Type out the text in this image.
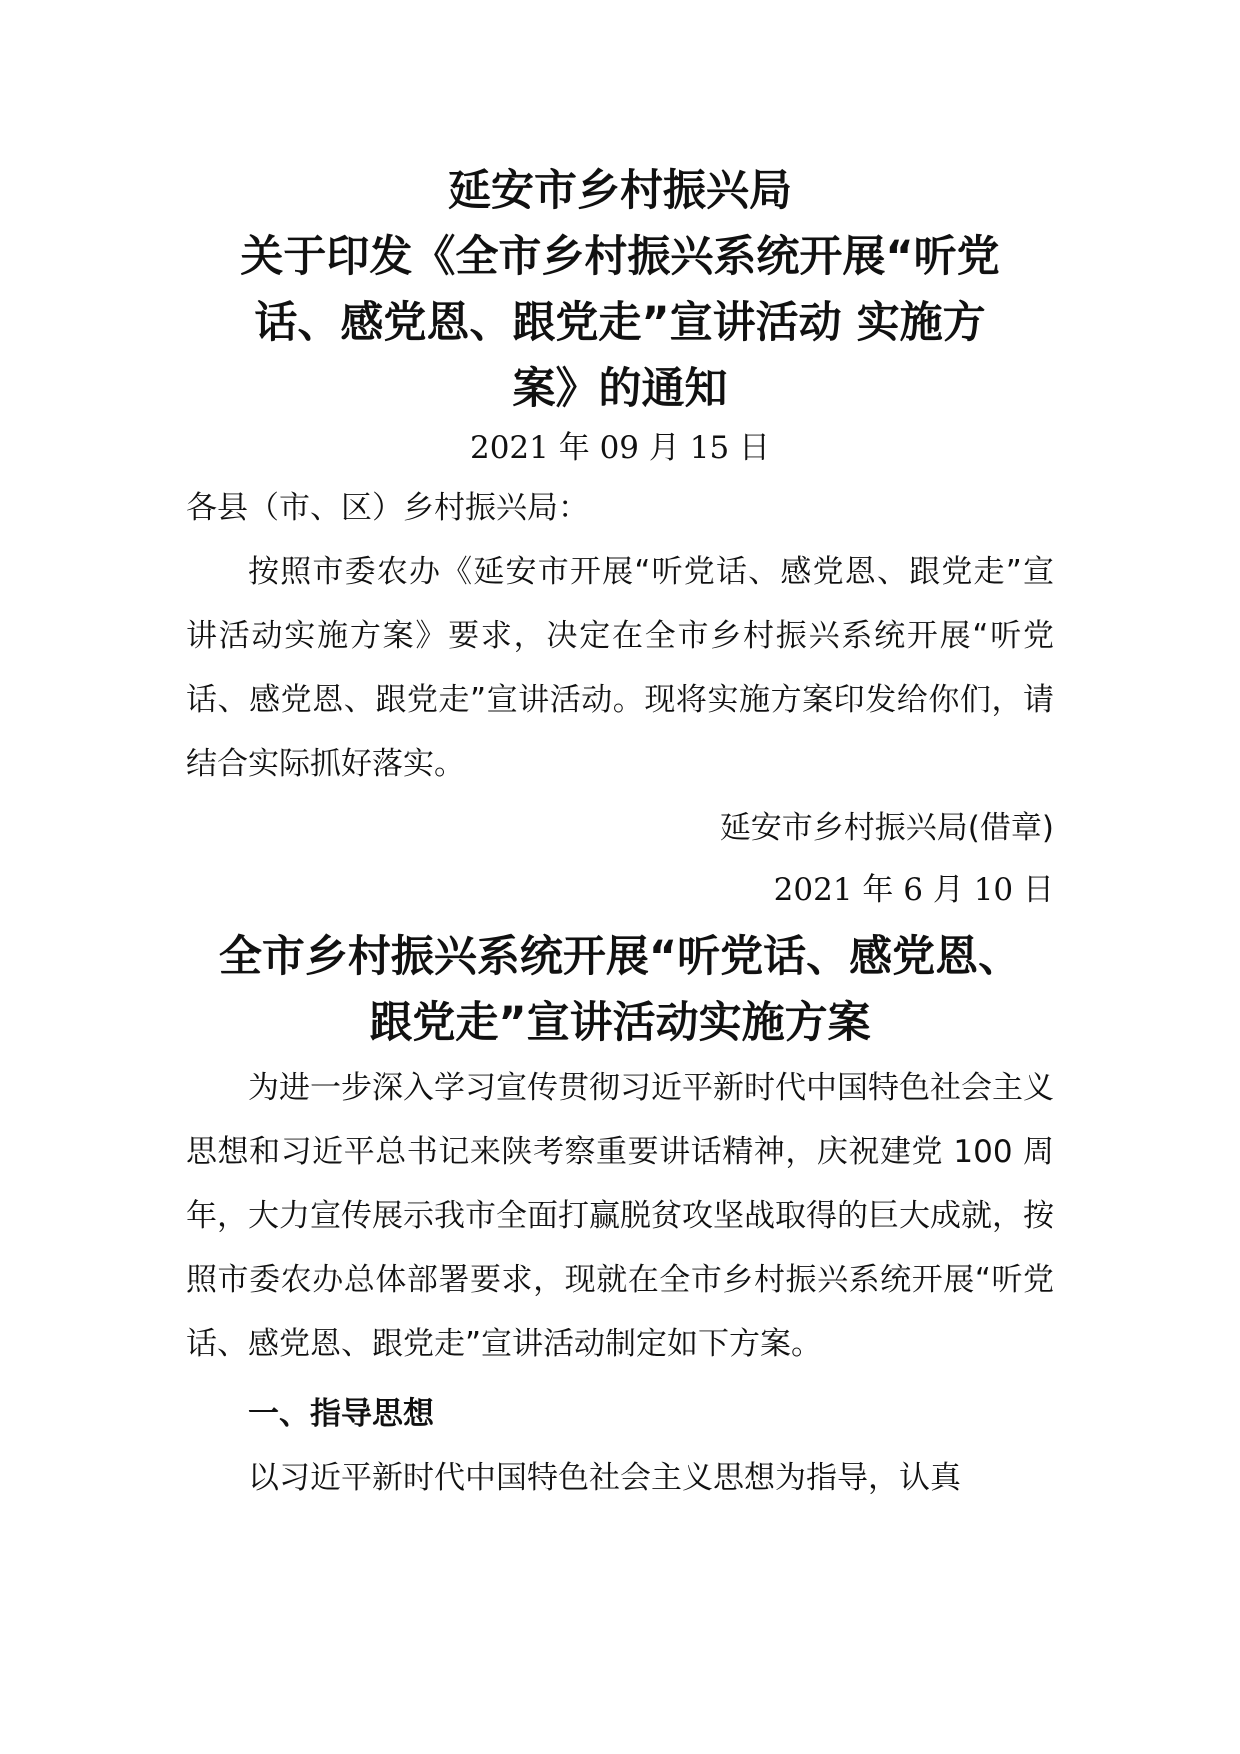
延安市乡村振兴局
关于印发《全市乡村振兴系统开展“听党
话、感党恩、跟党走”宣讲活动 实施方
案》的通知
2021 年 09 月 15 日
各县（市、区）乡村振兴局：

按照市委农办《延安市开展“听党话、感党恩、跟党走”宣讲活动实施方案》要求，决定在全市乡村振兴系统开展“听党话、感党恩、跟党走”宣讲活动。现将实施方案印发给你们，请结合实际抓好落实。

延安市乡村振兴局(借章)
2021 年 6 月 10 日
全市乡村振兴系统开展“听党话、感党恩、
跟党走”宣讲活动实施方案

为进一步深入学习宣传贯彻习近平新时代中国特色社会主义思想和习近平总书记来陕考察重要讲话精神，庆祝建党 100 周年，大力宣传展示我市全面打赢脱贫攻坚战取得的巨大成就，按照市委农办总体部署要求，现就在全市乡村振兴系统开展“听党话、感党恩、跟党走”宣讲活动制定如下方案。

一、指导思想

以习近平新时代中国特色社会主义思想为指导，认真
